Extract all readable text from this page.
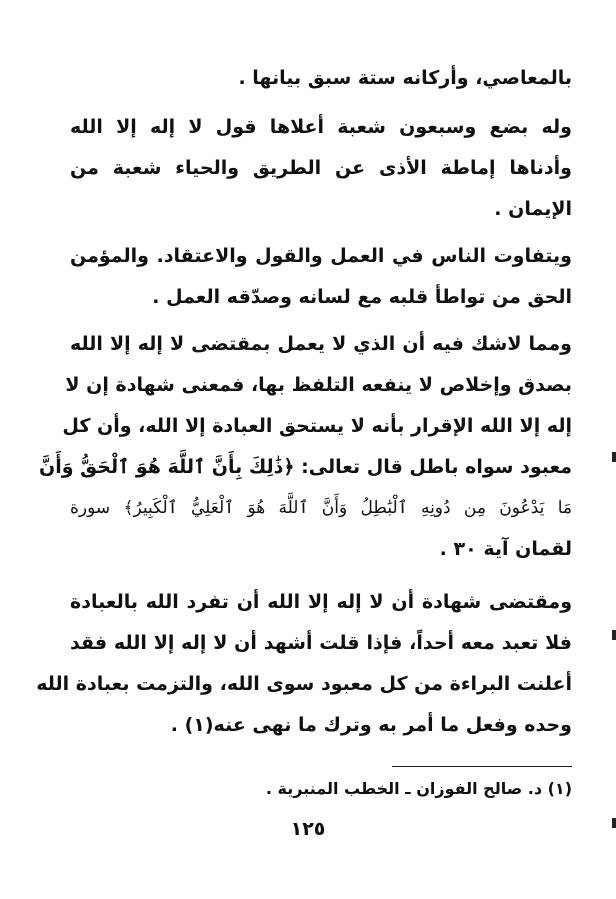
بالمعاصي، وأركانه ستة سبق بيانها .
وله بضع وسبعون شعبة أعلاها قول لا إله إلا الله
وأدناها إماطة الأذى عن الطريق والحياء شعبة من
الإيمان .
ويتفاوت الناس في العمل والقول والاعتقاد. والمؤمن
الحق من تواطأ قلبه مع لسانه وصدّقه العمل .
ومما لاشك فيه أن الذي لا يعمل بمقتضى لا إله إلا الله
بصدق وإخلاص لا ينفعه التلفظ بها، فمعنى شهادة إن لا
إله إلا الله الإقرار بأنه لا يستحق العبادة إلا الله، وأن كل
معبود سواه باطل قال تعالى: ﴿ذَٰلِكَ بِأَنَّ ٱللَّهَ هُوَ ٱلْحَقُّ وَأَنَّ
مَا يَدْعُونَ مِن دُونِهِ ٱلْبَٰطِلُ وَأَنَّ ٱللَّهَ هُوَ ٱلْعَلِيُّ ٱلْكَبِيرُ﴾ سورة
لقمان آية ٣٠ .
ومقتضى شهادة أن لا إله إلا الله أن تفرد الله بالعبادة
فلا تعبد معه أحداً، فإذا قلت أشهد أن لا إله إلا الله فقد
أعلنت البراءة من كل معبود سوى الله، والتزمت بعبادة الله
وحده وفعل ما أمر به وترك ما نهى عنه(١) .
(١) د. صالح الفوزان ـ الخطب المنبرية .
١٢٥
